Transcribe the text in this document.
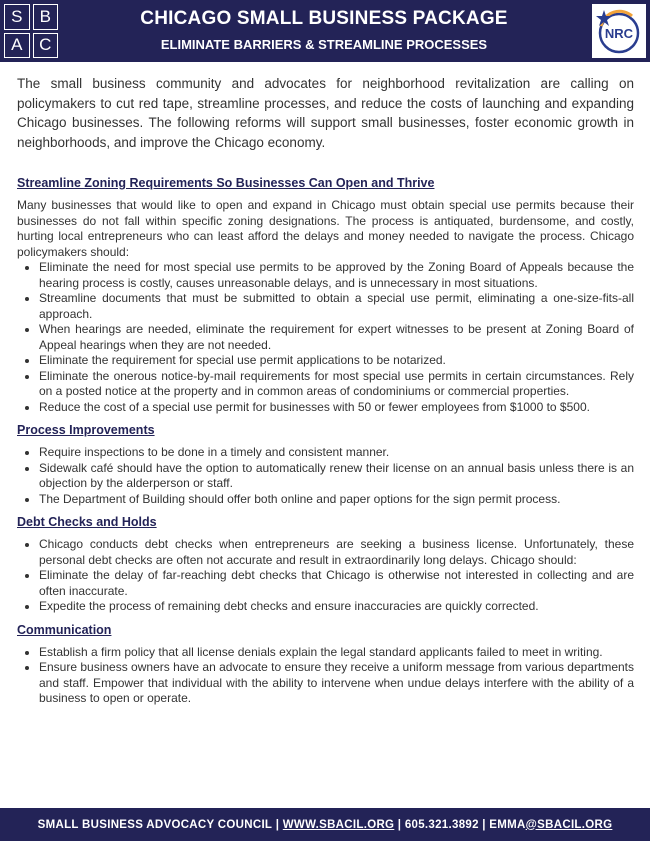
S	B
A C
CHICAGO SMALL BUSINESS PACKAGE
ELIMINATE BARRIERS & STREAMLINE PROCESSES
NRC

The small business community and advocates for neighborhood revitalization are calling on policymakers to cut red tape, streamline processes, and reduce the costs of launching and expanding Chicago businesses. The following reforms will support small businesses, foster economic growth in neighborhoods, and improve the Chicago economy.

Streamline Zoning Requirements So Businesses Can Open and Thrive

Many businesses that would like to open and expand in Chicago must obtain special use permits because their businesses do not fall within specific zoning designations. The process is antiquated, burdensome, and costly, hurting local entrepreneurs who can least afford the delays and money needed to navigate the process. Chicago policymakers should:

• Eliminate the need for most special use permits to be approved by the Zoning Board of Appeals because the hearing process is costly, causes unreasonable delays, and is unnecessary in most situations.
• Streamline documents that must be submitted to obtain a special use permit, eliminating a one-size-fits-all approach.
• When hearings are needed, eliminate the requirement for expert witnesses to be present at Zoning Board of Appeal hearings when they are not needed.
• Eliminate the requirement for special use permit applications to be notarized.
• Eliminate the onerous notice-by-mail requirements for most special use permits in certain circumstances. Rely on a posted notice at the property and in common areas of condominiums or commercial properties.
• Reduce the cost of a special use permit for businesses with 50 or fewer employees from $1000 to $500.
Process Improvements
• Require inspections to be done in a timely and consistent manner.
• Sidewalk café should have the option to automatically renew their license on an annual basis unless there is an objection by the alderperson or staff.
• The Department of Building should offer both online and paper options for the sign permit process.
Debt Checks and Holds
• Chicago conducts debt checks when entrepreneurs are seeking a business license. Unfortunately, these personal debt checks are often not accurate and result in extraordinarily long delays. Chicago should:
• Eliminate the delay of far-reaching debt checks that Chicago is otherwise not interested in collecting and are often inaccurate.
• Expedite the process of remaining debt checks and ensure inaccuracies are quickly corrected.
Communication
• Establish a firm policy that all license denials explain the legal standard applicants failed to meet in writing.
• Ensure business owners have an advocate to ensure they receive a uniform message from various departments and staff. Empower that individual with the ability to intervene when undue delays interfere with the ability of a business to open or operate.
SMALL BUSINESS ADVOCACY COUNCIL | WWW.SBACIL.ORG | 605.321.3892 | EMMA@SBACIL.ORG
